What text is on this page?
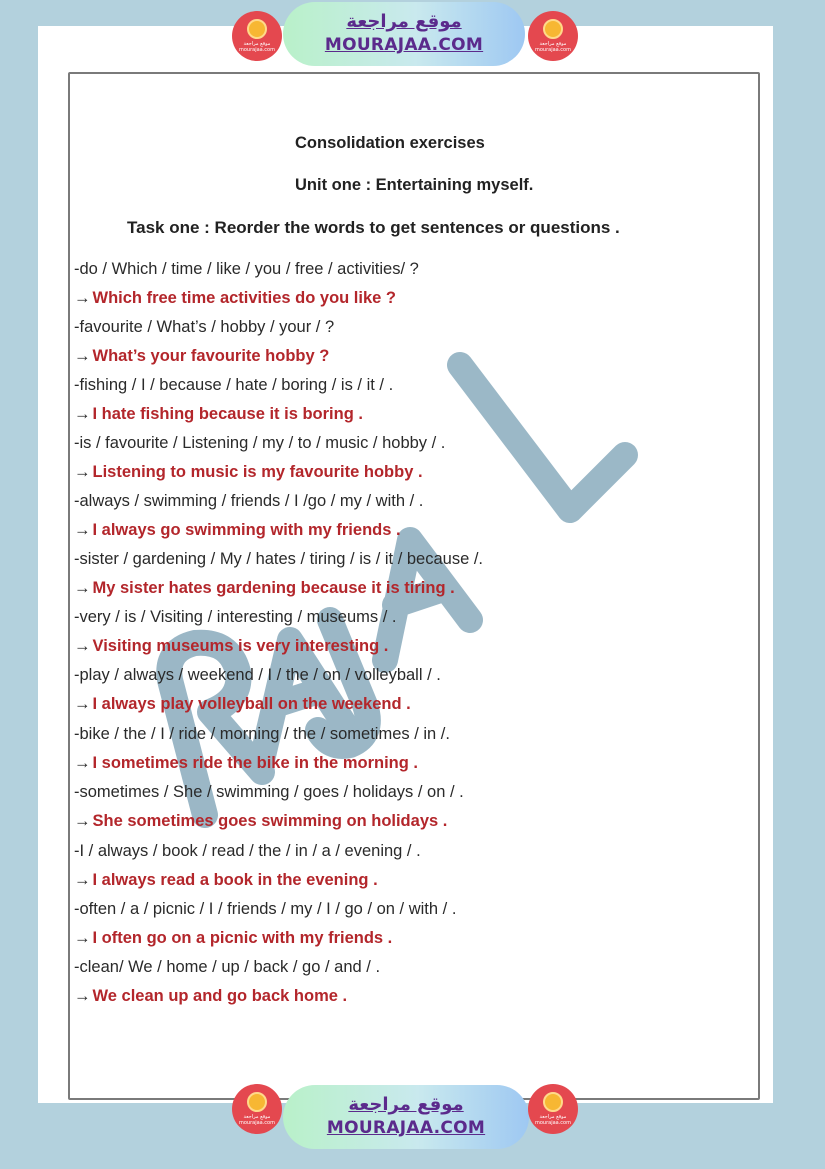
موقع مراجعة mourajaa.com
موقع مراجعة
MOURAJAA.COM	موقع مراجعة mourajaa.com
Consolidation exercises
Unit one : Entertaining myself.
Task one : Reorder the words to get sentences or questions .
-do / Which / time / like / you / free / activities/ ?
→ Which free time activities do you like ?
-favourite / What’s / hobby / your / ?
→ What’s your favourite hobby ?
-fishing / I / because / hate / boring / is / it / .
→ I hate fishing because it is boring .
-is / favourite / Listening / my / to / music / hobby / .
→ Listening to music is my favourite hobby .
-always / swimming / friends / I /go / my / with / .
→ I always go swimming with my friends .
-sister / gardening / My / hates / tiring / is / it / because /.
→ My sister hates gardening because it is tiring .
-very / is / Visiting / interesting / museums / .
→ Visiting museums is very interesting .
-play / always / weekend / I / the / on / volleyball / .
→ I always play volleyball on the weekend .
-bike / the / I / ride / morning / the / sometimes / in /.
→ I sometimes ride the bike in the morning .
-sometimes / She / swimming / goes / holidays / on / .
→ She sometimes goes swimming on holidays .
-I / always / book / read / the / in / a / evening / .
→ I always read a book in the evening .
-often / a / picnic / I / friends / my / I / go / on / with / .
→ I often go on a picnic with my friends .
-clean/ We / home / up / back / go / and / .
→ We clean up and go back home .
موقع مراجعة mourajaa.com
موقع مراجعة
MOURAJAA.COM
موقع مراجعة mourajaa.com
